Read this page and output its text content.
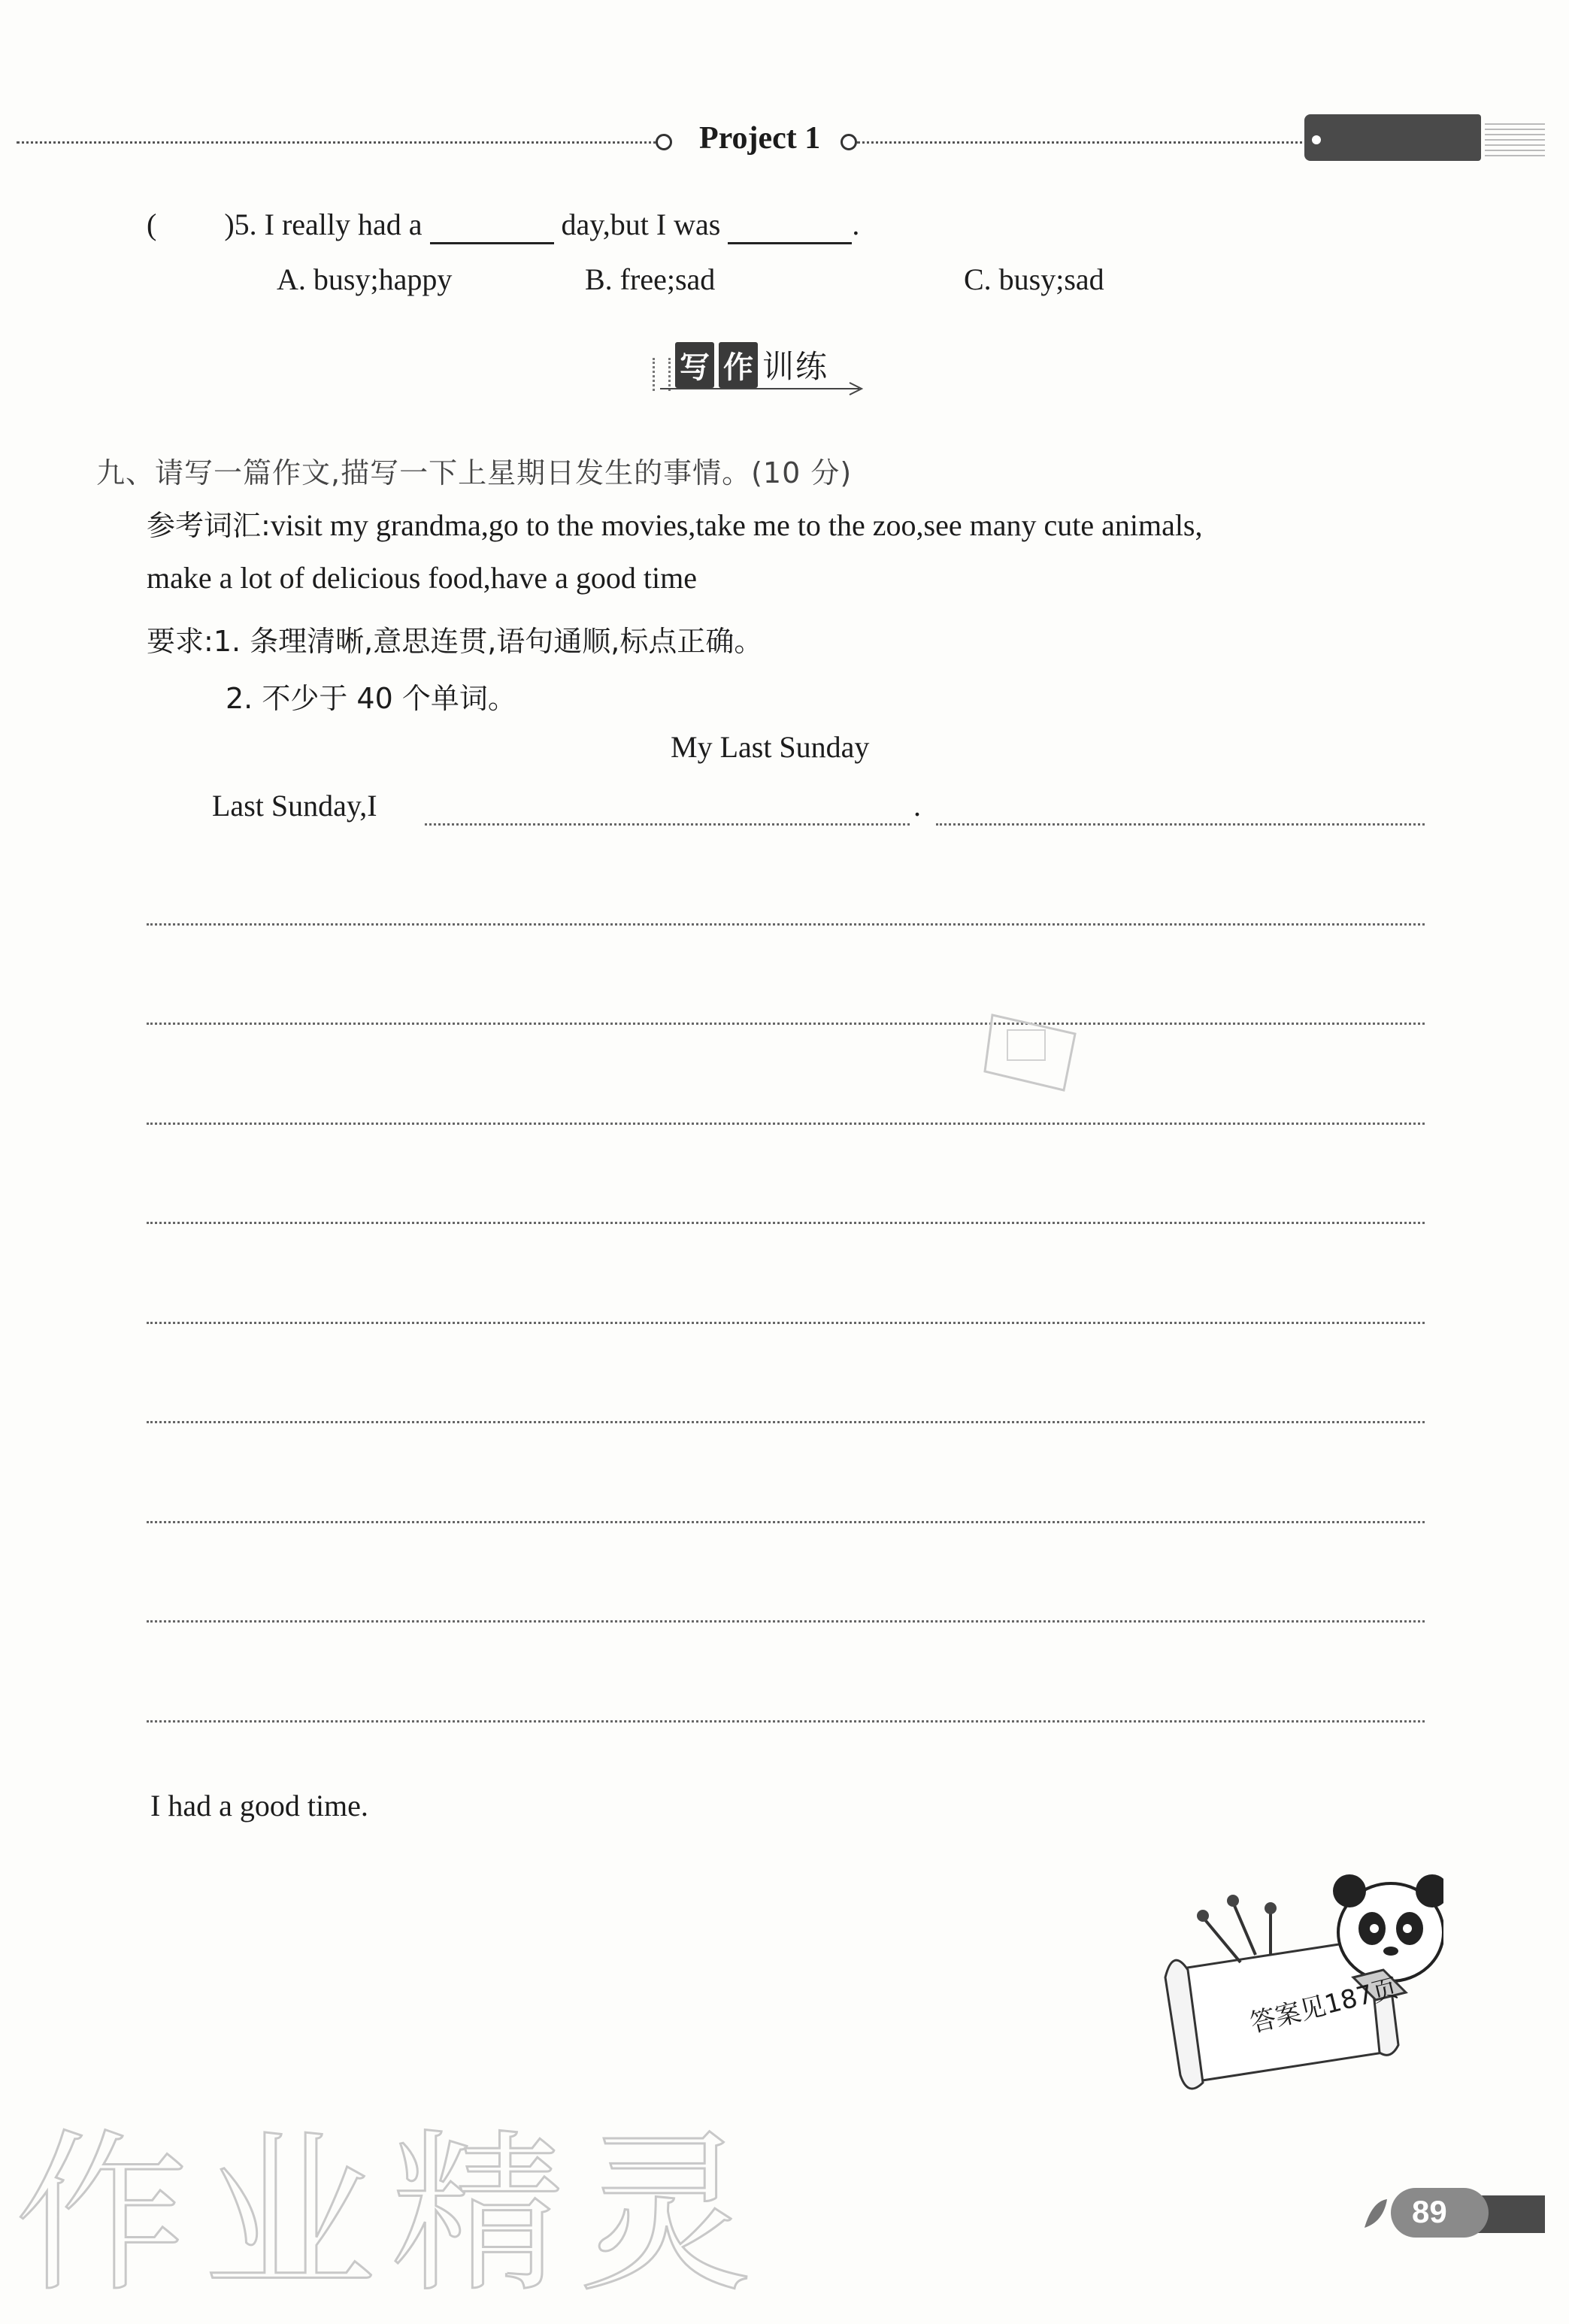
Project 1
( )5. I really had a	day,but I was	.
A. busy;happy	B. free;sad	C. busy;sad
写 作 训练
九、请写一篇作文,描写一下上星期日发生的事情。(10 分)
参考词汇:visit my grandma,go to the movies,take me to the zoo,see many cute animals,
make a lot of delicious food,have a good time
要求:1. 条理清晰,意思连贯,语句通顺,标点正确。
2. 不少于 40 个单词。
My Last Sunday
Last Sunday,I	.
I had a good time.
答案见187页
作业精灵	89
